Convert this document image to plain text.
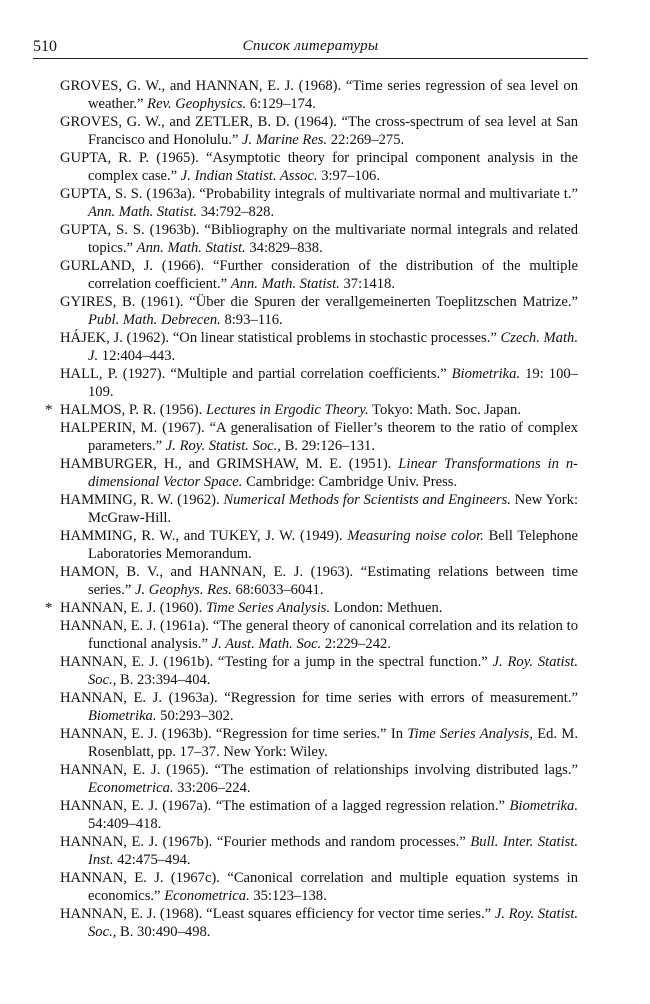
510	Список литературы
GROVES, G. W., and HANNAN, E. J. (1968). “Time series regression of sea level on weather.” Rev. Geophysics. 6:129–174.
GROVES, G. W., and ZETLER, B. D. (1964). “The cross-spectrum of sea level at San Francisco and Honolulu.” J. Marine Res. 22:269–275.
GUPTA, R. P. (1965). “Asymptotic theory for principal component analysis in the complex case.” J. Indian Statist. Assoc. 3:97–106.
GUPTA, S. S. (1963a). “Probability integrals of multivariate normal and multivariate t.” Ann. Math. Statist. 34:792–828.
GUPTA, S. S. (1963b). “Bibliography on the multivariate normal integrals and related topics.” Ann. Math. Statist. 34:829–838.
GURLAND, J. (1966). “Further consideration of the distribution of the multiple correlation coefficient.” Ann. Math. Statist. 37:1418.
GYIRES, B. (1961). “Über die Spuren der verallgemeinerten Toeplitzschen Matrize.” Publ. Math. Debrecen. 8:93–116.
HÁJEK, J. (1962). “On linear statistical problems in stochastic processes.” Czech. Math. J. 12:404–443.
HALL, P. (1927). “Multiple and partial correlation coefficients.” Biometrika. 19: 100–109.
* HALMOS, P. R. (1956). Lectures in Ergodic Theory. Tokyo: Math. Soc. Japan.
HALPERIN, M. (1967). “A generalisation of Fieller’s theorem to the ratio of complex parameters.” J. Roy. Statist. Soc., B. 29:126–131.
HAMBURGER, H., and GRIMSHAW, M. E. (1951). Linear Transformations in n-dimensional Vector Space. Cambridge: Cambridge Univ. Press.
HAMMING, R. W. (1962). Numerical Methods for Scientists and Engineers. New York: McGraw-Hill.
HAMMING, R. W., and TUKEY, J. W. (1949). Measuring noise color. Bell Telephone Laboratories Memorandum.
HAMON, B. V., and HANNAN, E. J. (1963). “Estimating relations between time series.” J. Geophys. Res. 68:6033–6041.
* HANNAN, E. J. (1960). Time Series Analysis. London: Methuen.
HANNAN, E. J. (1961a). “The general theory of canonical correlation and its relation to functional analysis.” J. Aust. Math. Soc. 2:229–242.
HANNAN, E. J. (1961b). “Testing for a jump in the spectral function.” J. Roy. Statist. Soc., B. 23:394–404.
HANNAN, E. J. (1963a). “Regression for time series with errors of measurement.” Biometrika. 50:293–302.
HANNAN, E. J. (1963b). “Regression for time series.” In Time Series Analysis, Ed. M. Rosenblatt, pp. 17–37. New York: Wiley.
HANNAN, E. J. (1965). “The estimation of relationships involving distributed lags.” Econometrica. 33:206–224.
HANNAN, E. J. (1967a). “The estimation of a lagged regression relation.” Biometrika. 54:409–418.
HANNAN, E. J. (1967b). “Fourier methods and random processes.” Bull. Inter. Statist. Inst. 42:475–494.
HANNAN, E. J. (1967c). “Canonical correlation and multiple equation systems in economics.” Econometrica. 35:123–138.
HANNAN, E. J. (1968). “Least squares efficiency for vector time series.” J. Roy. Statist. Soc., B. 30:490–498.
